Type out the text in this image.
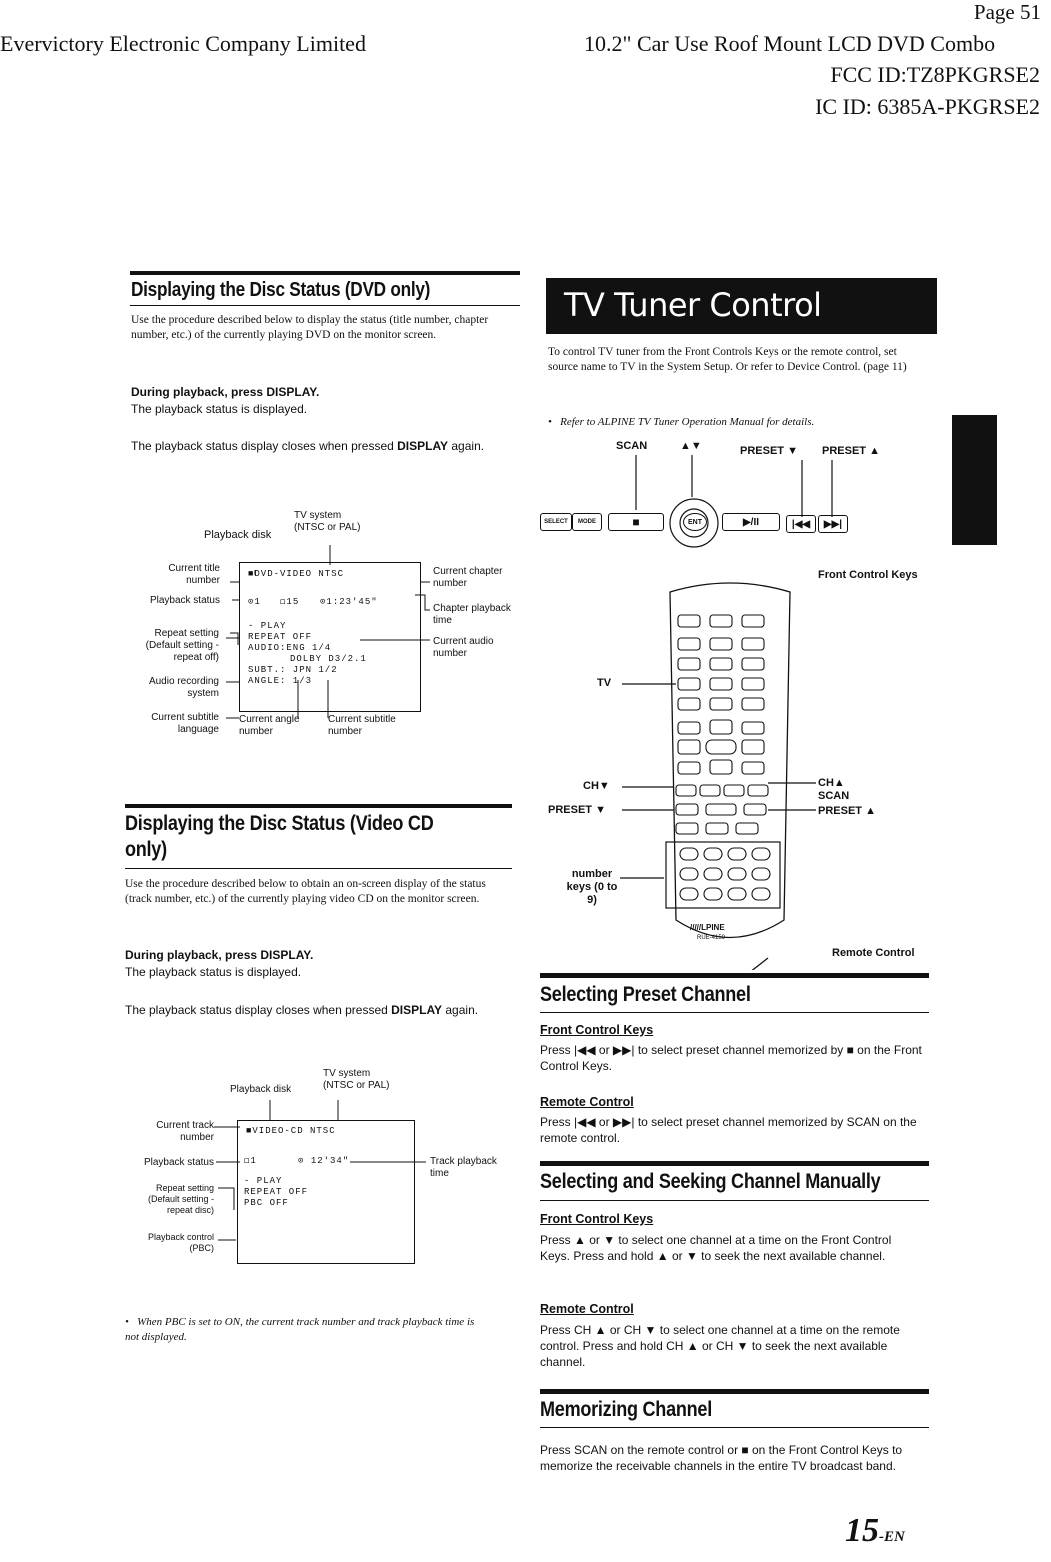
Page 51
Evervictory Electronic Company Limited	10.2" Car Use Roof Mount LCD DVD Combo
FCC ID:TZ8PKGRSE2
IC ID: 6385A-PKGRSE2
Displaying the Disc Status (DVD only)
Use the procedure described below to display the status (title number, chapter number, etc.) of the currently playing DVD on the monitor screen.
During playback, press DISPLAY.
The playback status is displayed.
The playback status display closes when pressed DISPLAY again.
TV system
(NTSC or PAL)
Playback disk
■DVD-VIDEO NTSC
⊙1 ◻15 ⊙1:23'45"
- PLAY
REPEAT OFF
AUDIO:ENG 1/4
DOLBY D3/2.1
SUBT.: JPN 1/2
ANGLE: 1/3
Current title number
Playback status
Repeat setting (Default setting - repeat off)
Audio recording system
Current subtitle language
Current chapter number
Chapter playback time
Current audio number
Current angle number
Current subtitle number
Displaying the Disc Status (Video CD
only)
Use the procedure described below to obtain an on-screen display of the status (track number, etc.) of the currently playing video CD on the monitor screen.
During playback, press DISPLAY.
The playback status is displayed.
The playback status display closes when pressed DISPLAY again.
TV system
(NTSC or PAL)
Playback disk
■VIDEO-CD NTSC
◻1	⊙ 12'34"
- PLAY
REPEAT OFF
PBC OFF
Current track number
Playback status
Repeat setting (Default setting - repeat disc)
Playback control (PBC)
Track playback time
•   When PBC is set to ON, the current track number and track playback time is not displayed.
TV Tuner Control
To control TV tuner from the Front Controls Keys or the remote control, set source name to TV in the System Setup. Or refer to Device Control. (page 11)
•   Refer to ALPINE TV Tuner Operation Manual for details.
SCAN	▲▼	PRESET ▼ PRESET ▲
SELECT	MODE	■	ENT	▶/II	|◀◀	▶▶|
Front Control Keys
/////LPINE
RUE-4159
TV
CH▼
PRESET ▼
CH▲
SCAN
PRESET ▲
number keys (0 to 9)
Remote Control
Selecting Preset Channel
Front Control Keys
Press |◀◀ or ▶▶| to select preset channel memorized by ■ on the Front Control Keys.
Remote Control
Press |◀◀ or ▶▶| to select preset channel memorized by SCAN on the remote control.
Selecting and Seeking Channel Manually
Front Control Keys
Press ▲ or ▼ to select one channel at a time on the Front Control Keys. Press and hold ▲ or ▼ to seek the next available channel.
Remote Control
Press CH ▲ or CH ▼ to select one channel at a time on the remote control. Press and hold CH ▲ or CH ▼ to seek the next available channel.
Memorizing Channel
Press SCAN on the remote control or ■ on the Front Control Keys to memorize the receivable channels in the entire TV broadcast band.
15-EN
